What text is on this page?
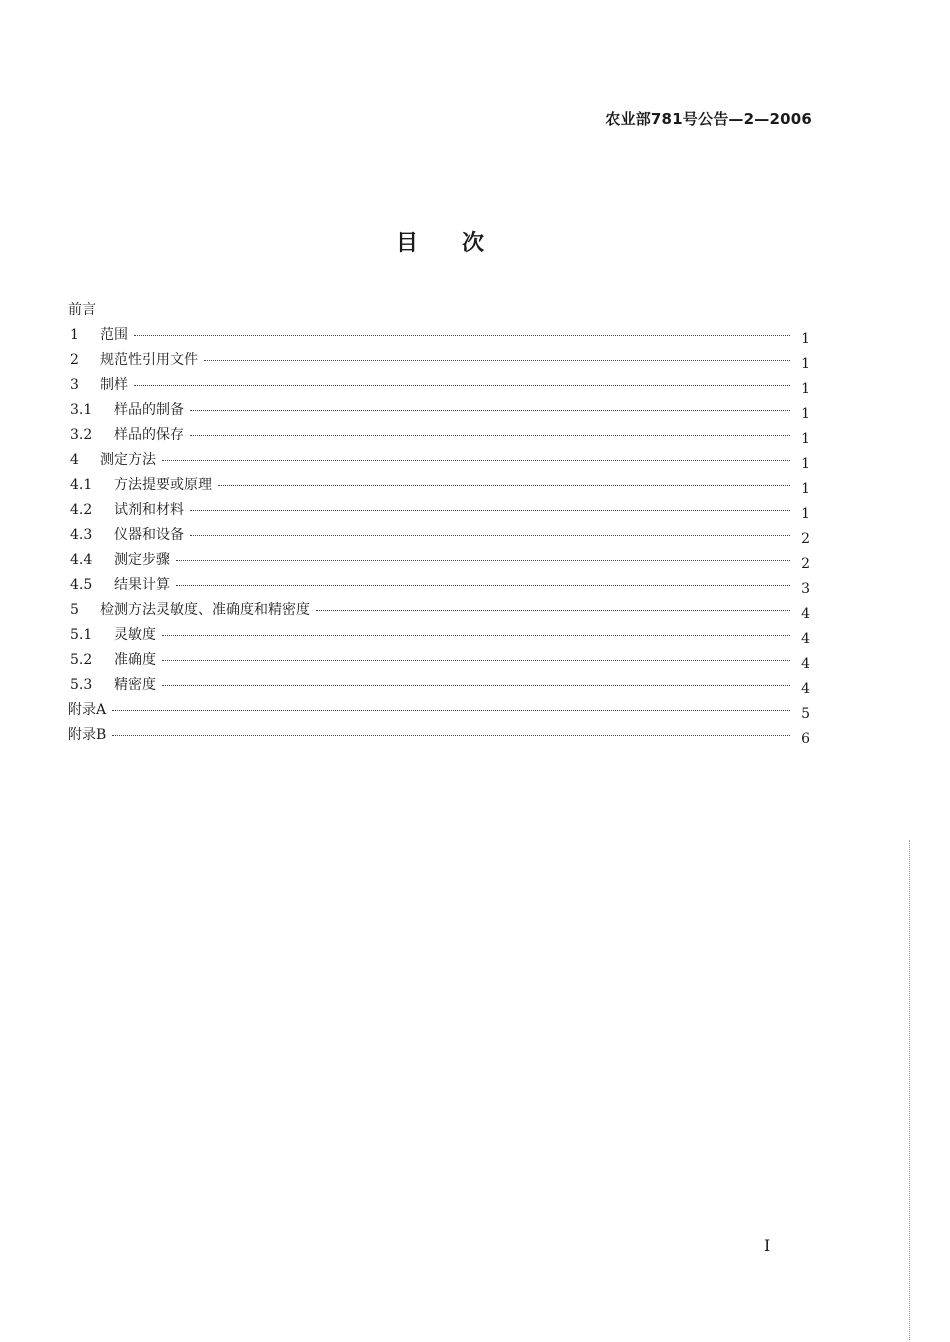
农业部781号公告—2—2006
目次
前言
1	范围	1
2	规范性引用文件	1
3	制样	1
3.1	样品的制备	1
3.2	样品的保存	1
4	测定方法	1
4.1	方法提要或原理	1
4.2	试剂和材料	1
4.3	仪器和设备	2
4.4	测定步骤	2
4.5	结果计算	3
5	检测方法灵敏度、准确度和精密度	4
5.1	灵敏度	4
5.2	准确度	4
5.3	精密度	4
附录A	5
附录B	6
I
